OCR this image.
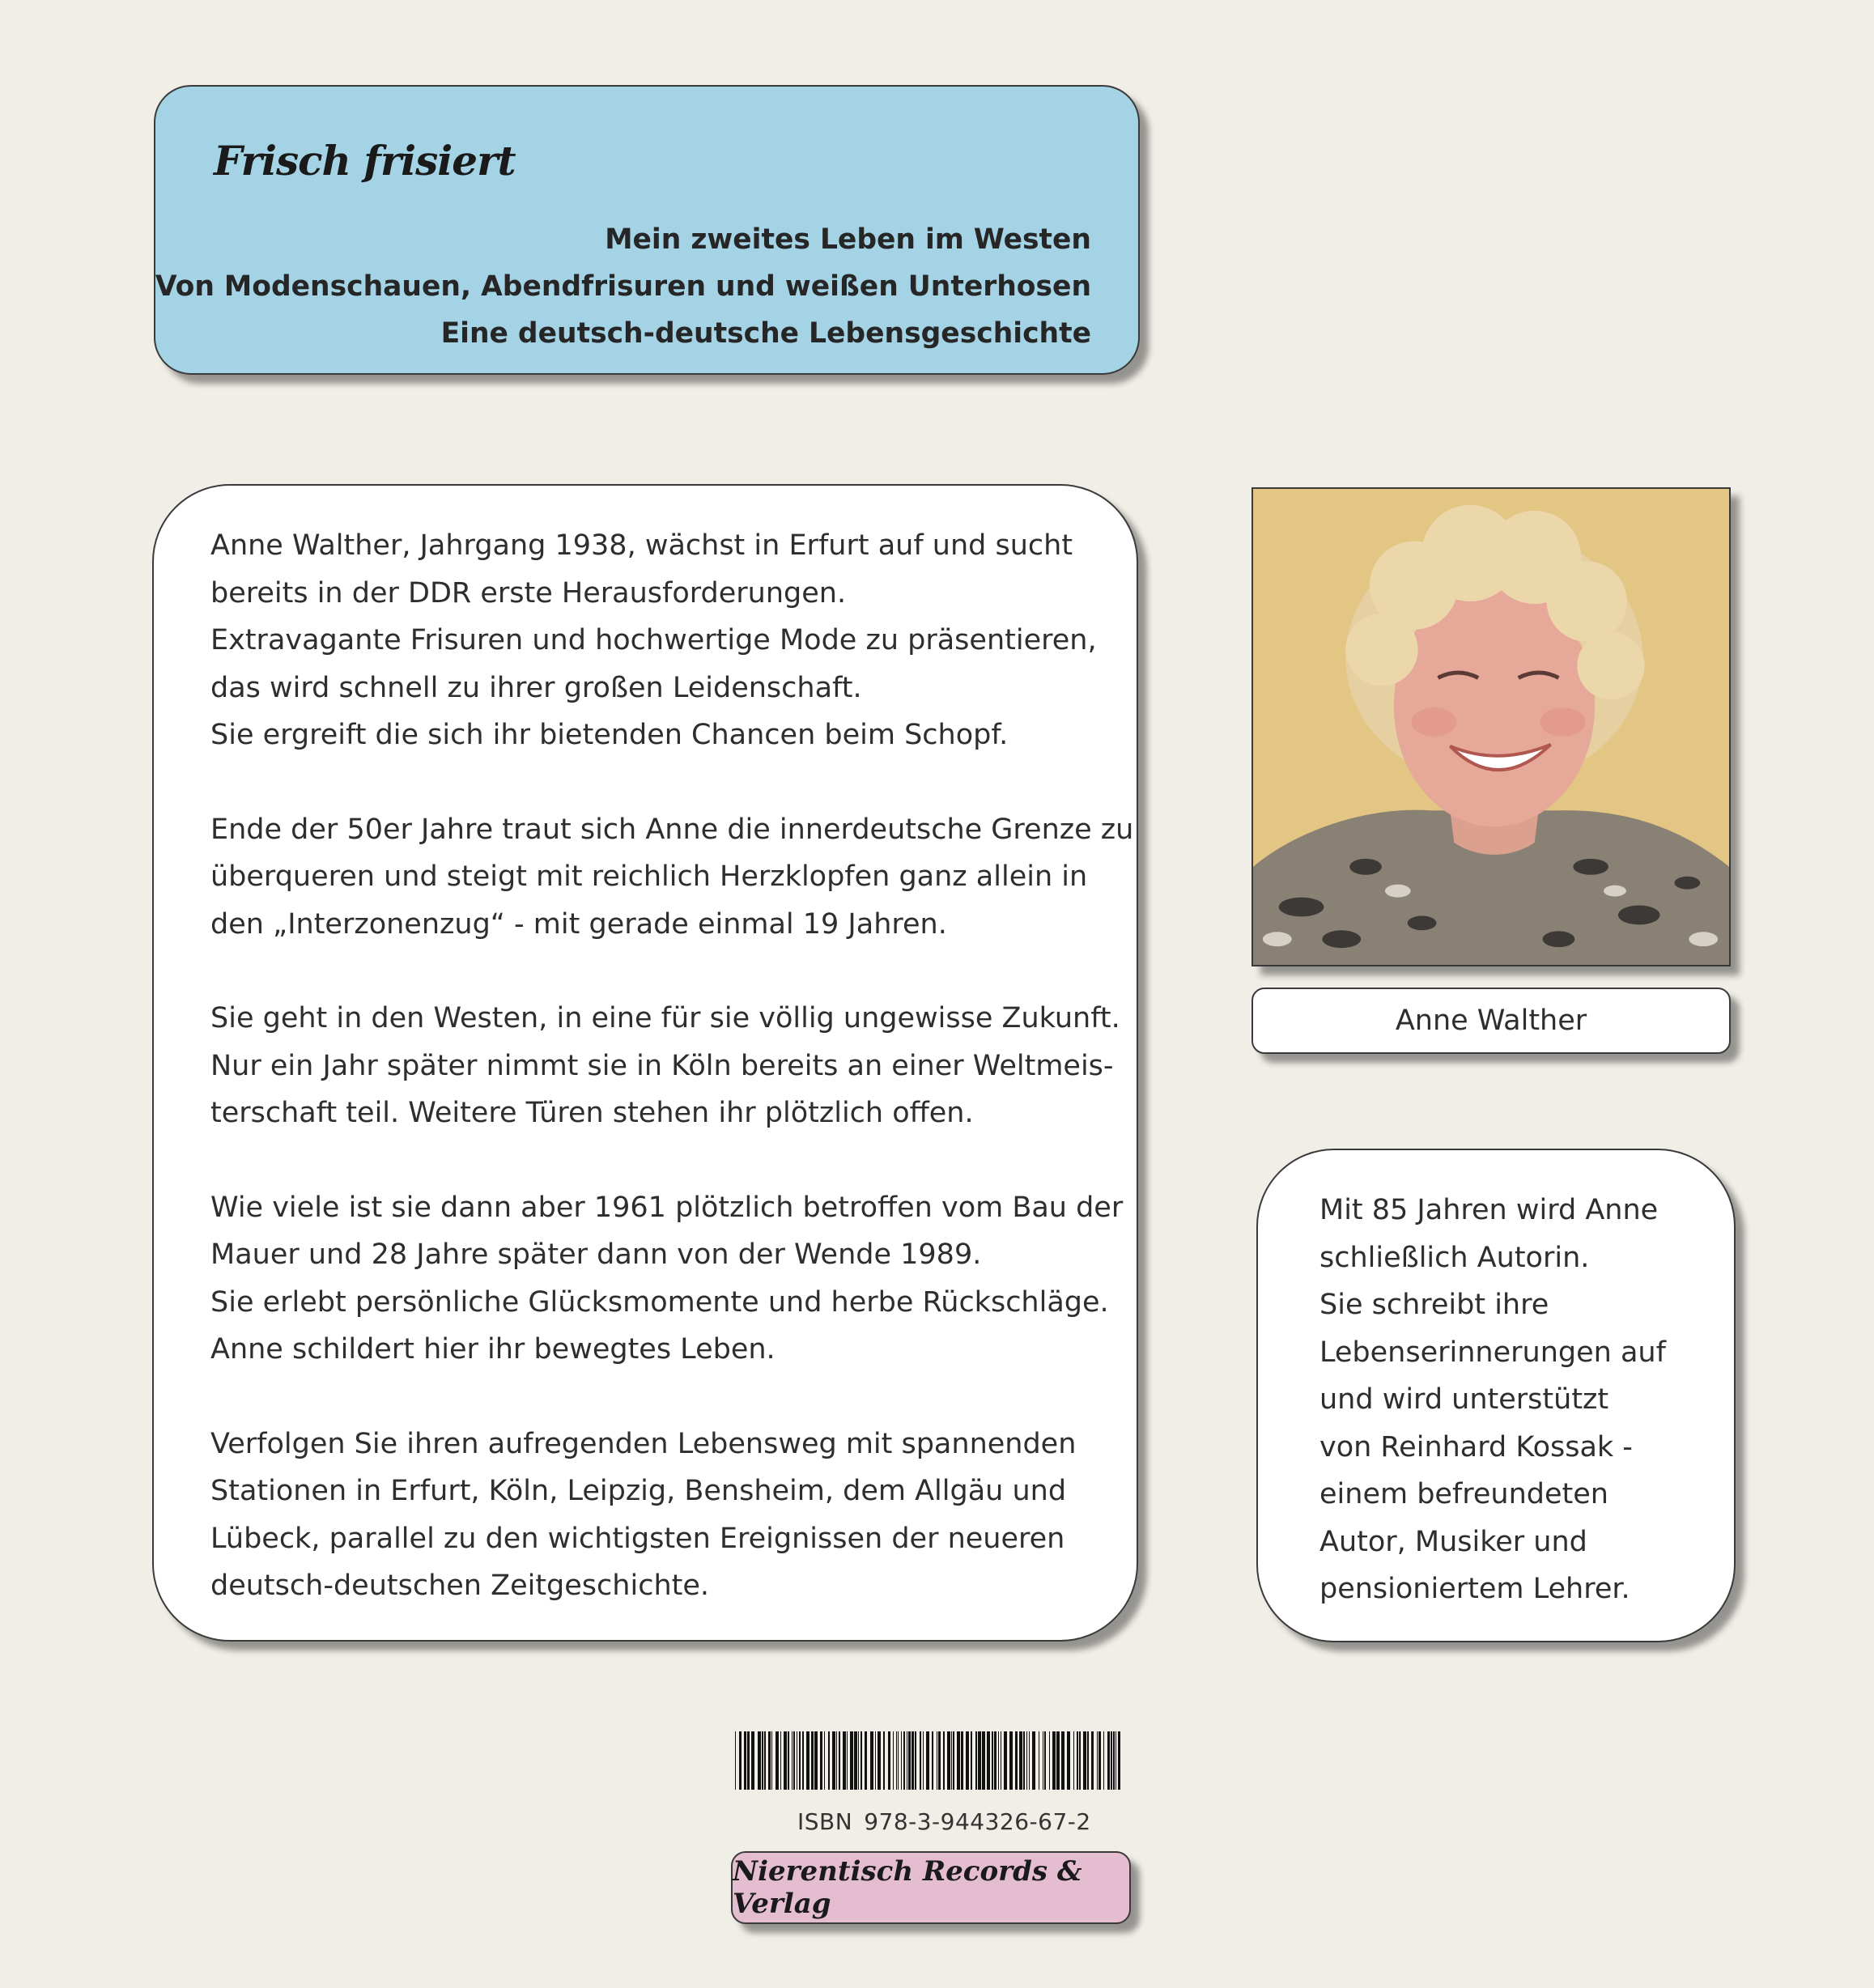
Frisch frisiert
Mein zweites Leben im Westen
Von Modenschauen, Abendfrisuren und weißen Unterhosen
Eine deutsch-deutsche Lebensgeschichte
Anne Walther, Jahrgang 1938, wächst in Erfurt auf und sucht
bereits in der DDR erste Herausforderungen.
Extravagante Frisuren und hochwertige Mode zu präsentieren,
das wird schnell zu ihrer großen Leidenschaft.
Sie ergreift die sich ihr bietenden Chancen beim Schopf.
Ende der 50er Jahre traut sich Anne die innerdeutsche Grenze zu
überqueren und steigt mit reichlich Herzklopfen ganz allein in
den „Interzonenzug“ - mit gerade einmal 19 Jahren.
Sie geht in den Westen, in eine für sie völlig ungewisse Zukunft.
Nur ein Jahr später nimmt sie in Köln bereits an einer Weltmeis-
terschaft teil. Weitere Türen stehen ihr plötzlich offen.
Wie viele ist sie dann aber 1961 plötzlich betroffen vom Bau der
Mauer und 28 Jahre später dann von der Wende 1989.
Sie erlebt persönliche Glücksmomente und herbe Rückschläge.
Anne schildert hier ihr bewegtes Leben.
Verfolgen Sie ihren aufregenden Lebensweg mit spannenden
Stationen in Erfurt, Köln, Leipzig, Bensheim, dem Allgäu und
Lübeck, parallel zu den wichtigsten Ereignissen der neueren
deutsch-deutschen Zeitgeschichte.
Anne Walther
Mit 85 Jahren wird Anne
schließlich Autorin.
Sie schreibt ihre
Lebenserinnerungen auf
und wird unterstützt
von Reinhard Kossak -
einem befreundeten
Autor, Musiker und
pensioniertem Lehrer.
ISBN 978-3-944326-67-2
Nierentisch Records & Verlag
